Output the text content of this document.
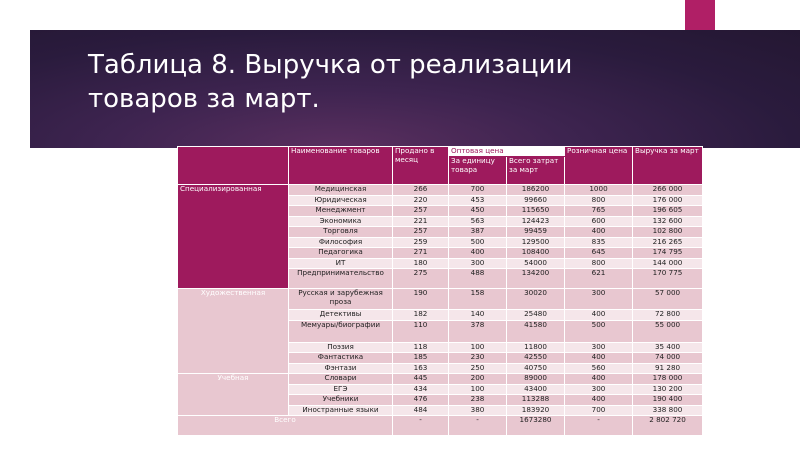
Таблица 8. Выручка от реализации
товаров за март.
	Наименование товаров	Продано в месяц	Оптовая цена		Розничная цена	Выручка за март
			За единицу товара	Всего затрат за март		

Специализированная	Медицинская	266	700	186200	1000	266 000
	Юридическая	220	453	99660	800	176 000
	Менеджмент	257	450	115650	765	196 605
	Экономика	221	563	124423	600	132 600
	Торговля	257	387	99459	400	102 800
	Философия	259	500	129500	835	216 265
	Педагогика	271	400	108400	645	174 795
	ИТ	180	300	54000	800	144 000
	Предпринимательство	275	488	134200	621	170 775
Художественная	Русская и зарубежная проза	190	158	30020	300	57 000
	Детективы	182	140	25480	400	72 800
	Мемуары/биографии	110	378	41580	500	55 000
	Поэзия	118	100	11800	300	35 400
	Фантастика	185	230	42550	400	74 000
	Фэнтази	163	250	40750	560	91 280
Учебная	Словари	445	200	89000	400	178 000
	ЕГЭ	434	100	43400	300	130 200
	Учебники	476	238	113288	400	190 400
	Иностранные языки	484	380	183920	700	338 800
Всего		-	-	1673280	-	2 802 720
